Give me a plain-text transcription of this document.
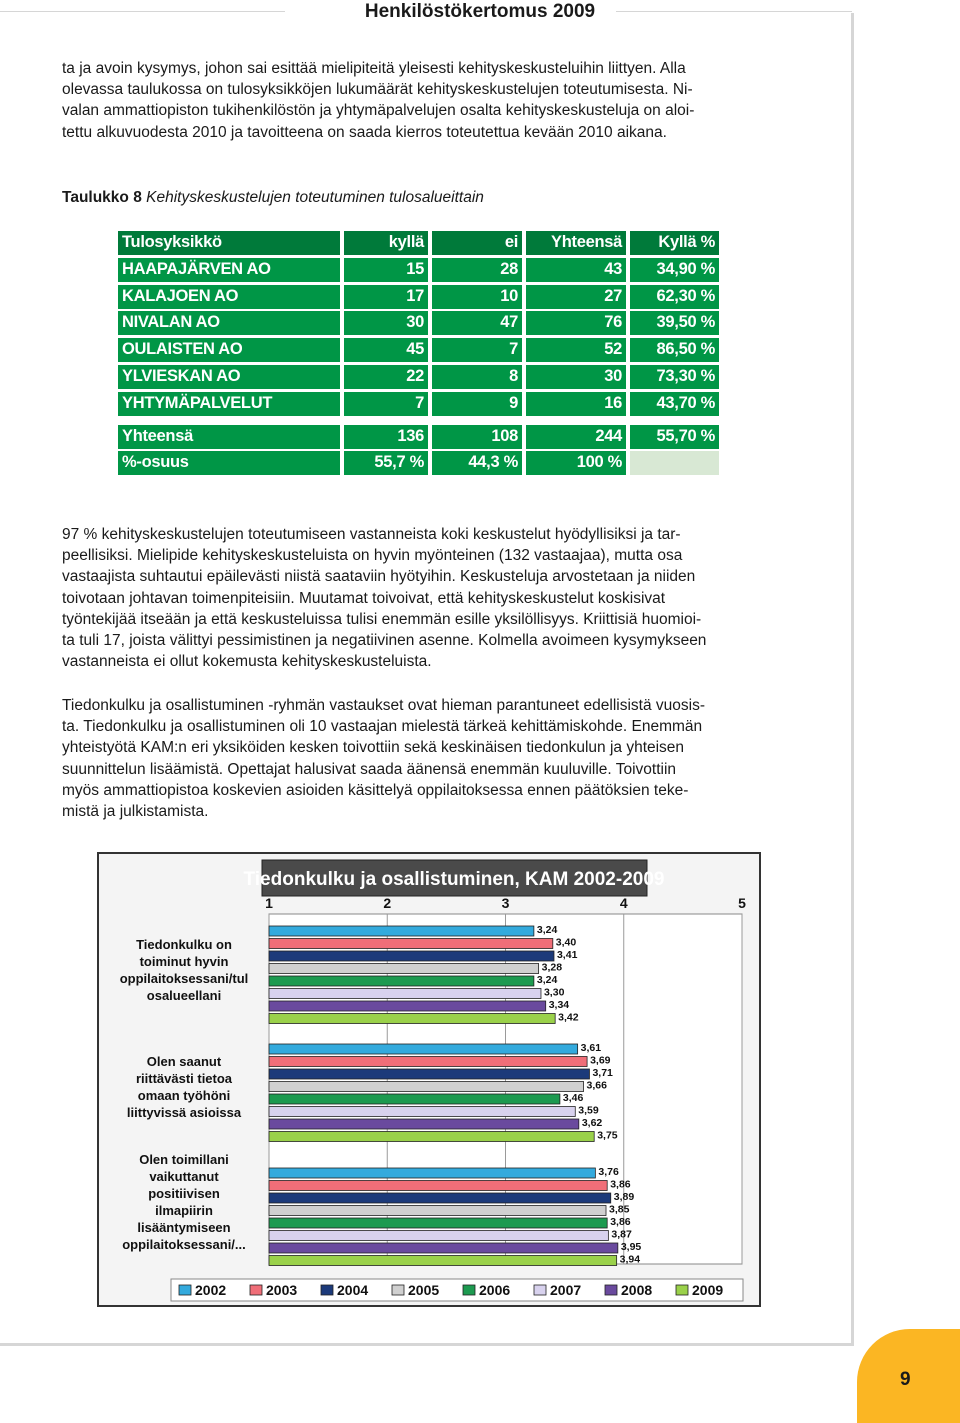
Henkilöstökertomus 2009
ta ja avoin kysymys, johon sai esittää mielipiteitä yleisesti kehityskeskusteluihin liittyen. Alla
olevassa taulukossa on tulosyksikköjen lukumäärät kehityskeskustelujen toteutumisesta. Ni-
valan ammattiopiston tukihenkilöstön ja yhtymäpalvelujen osalta kehityskeskusteluja on aloi-
tettu alkuvuodesta 2010 ja tavoitteena on saada kierros toteutettua kevään 2010 aikana.
Taulukko 8 Kehityskeskustelujen toteutuminen tulosalueittain
Tulosyksikkö	kyllä	ei	Yhteensä	Kyllä %
HAAPAJÄRVEN AO	15	28	43	34,90 %
KALAJOEN AO	17	10	27	62,30 %
NIVALAN AO	30	47	76	39,50 %
OULAISTEN AO	45	7	52	86,50 %
YLVIESKAN AO	22	8	30	73,30 %
YHTYMÄPALVELUT	7	9	16	43,70 %
Yhteensä	136	108	244	55,70 %
%-osuus	55,7 %	44,3 %	100 %
97 % kehityskeskustelujen toteutumiseen vastanneista koki keskustelut hyödyllisiksi ja tar-
peellisiksi. Mielipide kehityskeskusteluista on hyvin myönteinen (132 vastaajaa), mutta osa
vastaajista suhtautui epäilevästi niistä saataviin hyötyihin. Keskusteluja arvostetaan ja niiden
toivotaan johtavan toimenpiteisiin. Muutamat toivoivat, että kehityskeskustelut koskisivat
työntekijää itseään ja että keskusteluissa tulisi enemmän esille yksilöllisyys. Kriittisiä huomioi-
ta tuli 17, joista välittyi pessimistinen ja negatiivinen asenne. Kolmella avoimeen kysymykseen
vastanneista ei ollut kokemusta kehityskeskusteluista.
Tiedonkulku ja osallistuminen -ryhmän vastaukset ovat hieman parantuneet edellisistä vuosis-
ta. Tiedonkulku ja osallistuminen oli 10 vastaajan mielestä tärkeä kehittämiskohde. Enemmän
yhteistyötä KAM:n eri yksiköiden kesken toivottiin sekä keskinäisen tiedonkulun ja yhteisen
suunnittelun lisäämistä. Opettajat halusivat saada äänensä enemmän kuuluville. Toivottiin
myös ammattiopistoa koskevien asioiden käsittelyä oppilaitoksessa ennen päätöksien teke-
mistä ja julkistamista.
Tiedonkulku ja osallistuminen, KAM 2002-2009
1	2	3	4	5
Tiedonkulku on toiminut hyvin oppilaitoksessani/tul osalueellani
Olen saanut riittävästi tietoa omaan työhöni liittyvissä asioissa
Olen toimillani vaikuttanut positiivisen ilmapiirin lisääntymiseen oppilaitoksessani/...
3,24
3,61
3,76
3,40
3,69
3,86
3,41
3,71
3,89
3,28
3,66
3,85
3,24
3,46
3,86
3,30
3,59
3,87
3,34
3,62
3,95
3,42
3,75
3,94
2002	2003	2004	2005	2006	2007	2008	2009
9
